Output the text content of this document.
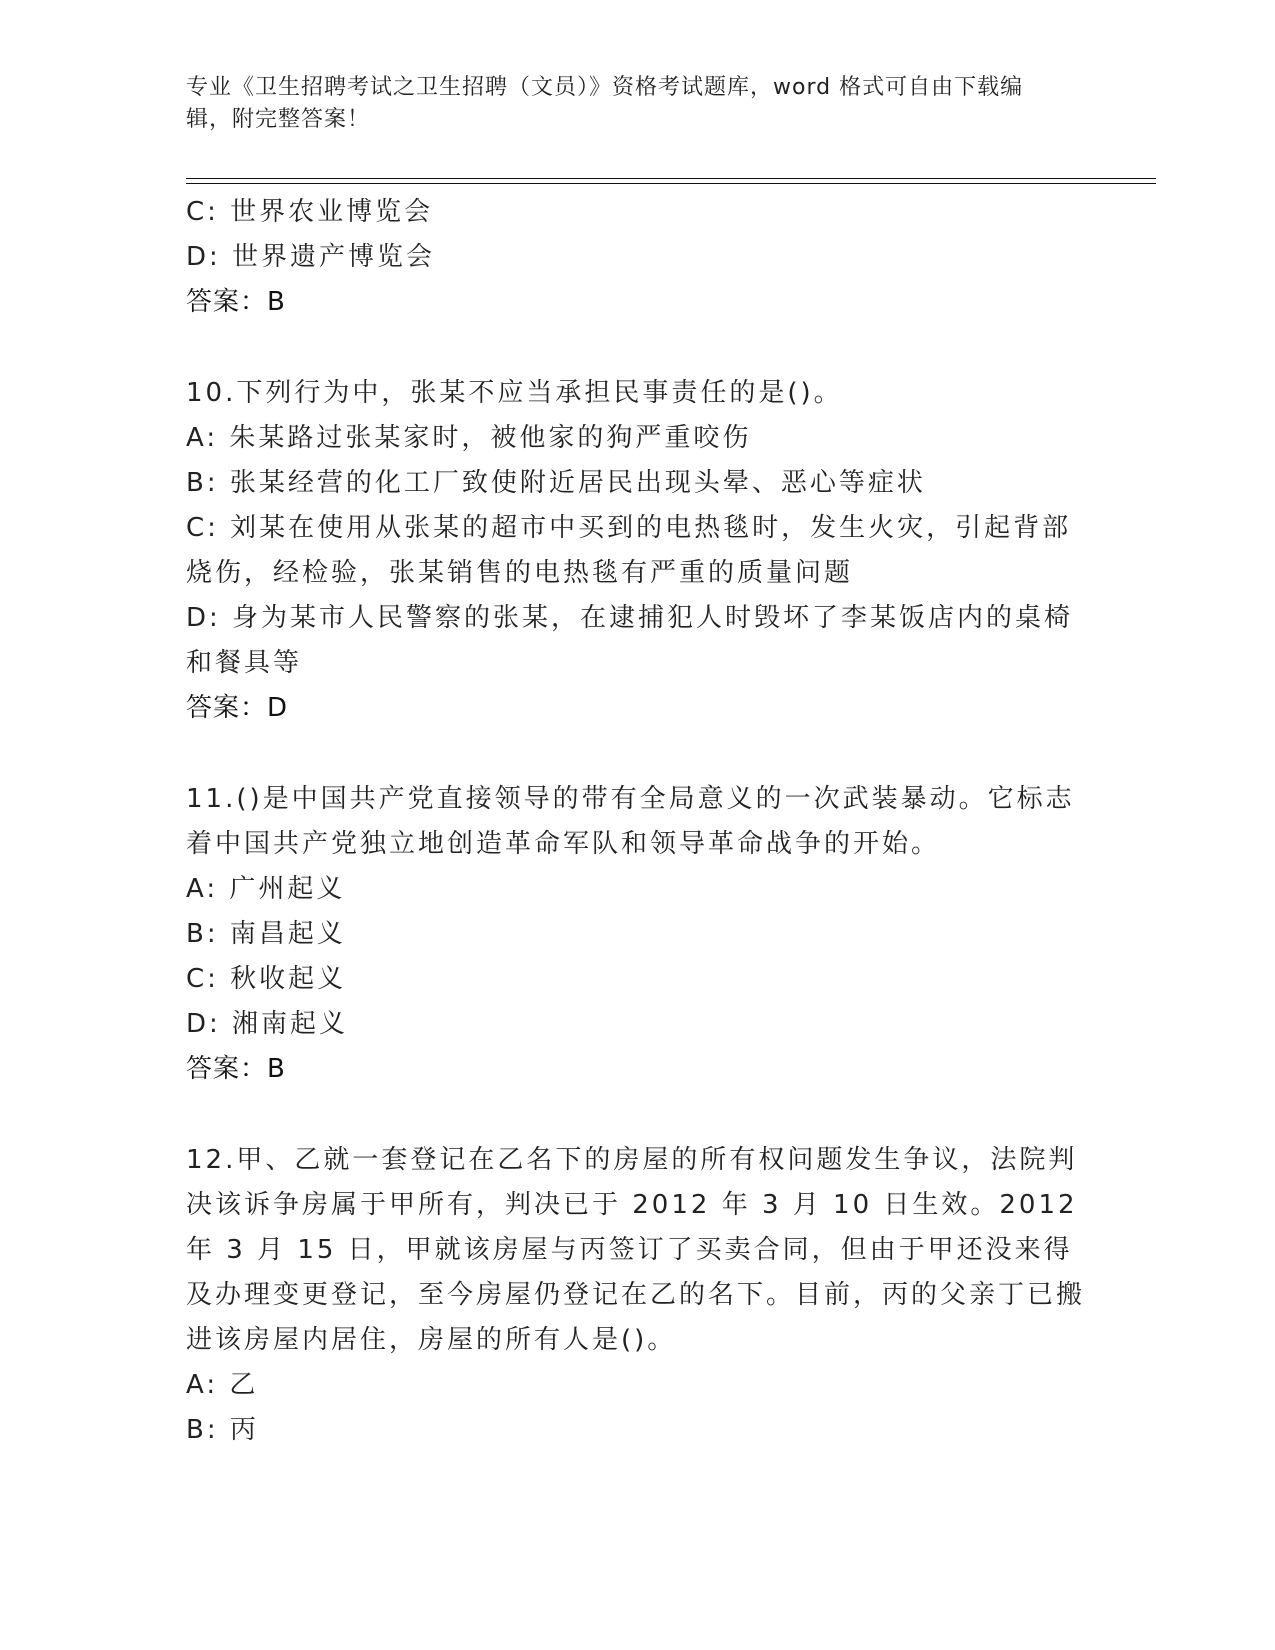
专业《卫生招聘考试之卫生招聘（文员）》资格考试题库，word 格式可自由下载编辑，附完整答案！

C: 世界农业博览会

D: 世界遗产博览会

答案：B

10.下列行为中，张某不应当承担民事责任的是()。

A: 朱某路过张某家时，被他家的狗严重咬伤

B: 张某经营的化工厂致使附近居民出现头晕、恶心等症状

C: 刘某在使用从张某的超市中买到的电热毯时，发生火灾，引起背部烧伤，经检验，张某销售的电热毯有严重的质量问题

D: 身为某市人民警察的张某，在逮捕犯人时毁坏了李某饭店内的桌椅和餐具等

答案：D

11.()是中国共产党直接领导的带有全局意义的一次武装暴动。它标志着中国共产党独立地创造革命军队和领导革命战争的开始。

A: 广州起义

B: 南昌起义

C: 秋收起义

D: 湘南起义

答案：B

12.甲、乙就一套登记在乙名下的房屋的所有权问题发生争议，法院判决该诉争房属于甲所有，判决已于 2012 年 3 月 10 日生效。2012 年 3 月 15 日，甲就该房屋与丙签订了买卖合同，但由于甲还没来得及办理变更登记，至今房屋仍登记在乙的名下。目前，丙的父亲丁已搬进该房屋内居住，房屋的所有人是()。

A: 乙

B: 丙
